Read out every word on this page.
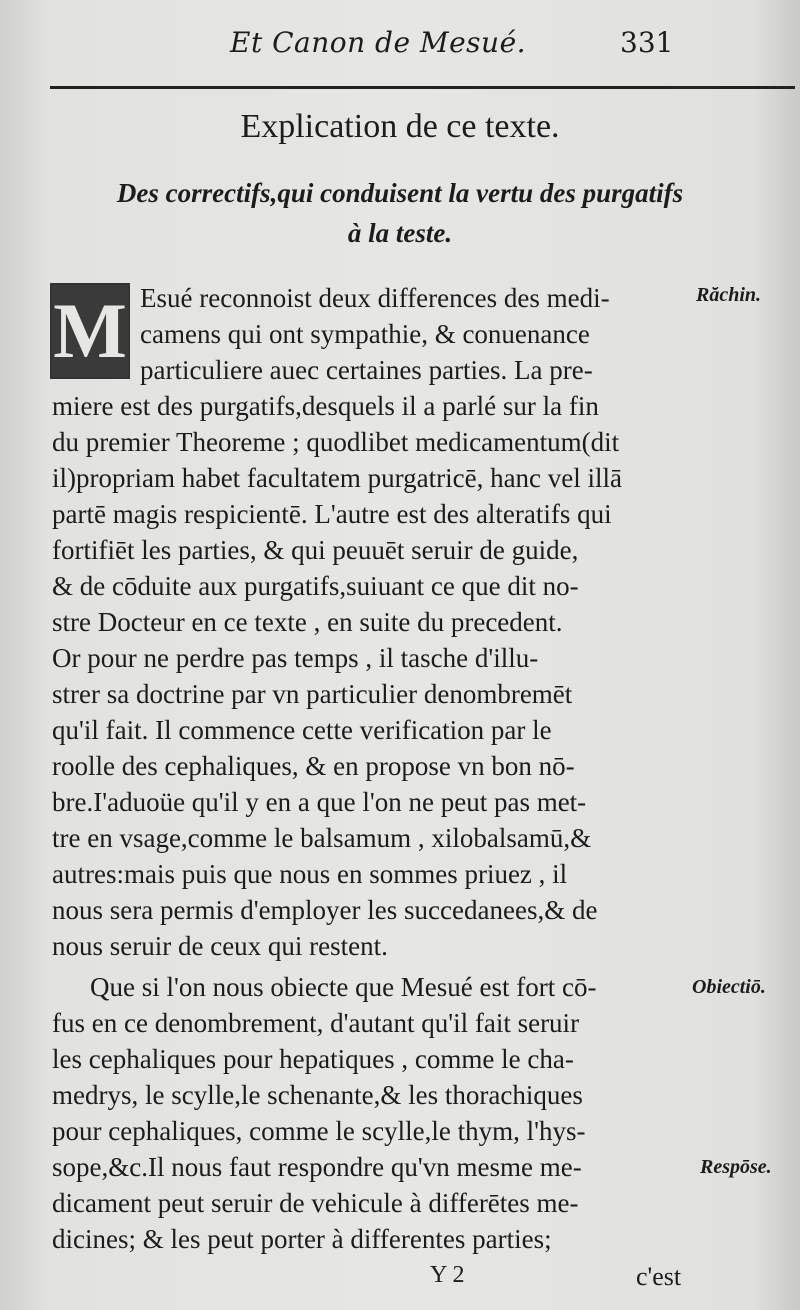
Et Canon de Mesué.	331
Explication de ce texte.
Des correctifs,qui conduisent la vertu des purgatifs
à la teste.
M Esué reconnoist deux differences des medi-
camens qui ont sympathie, & conuenance
particuliere auec certaines parties. La pre-
miere est des purgatifs,desquels il a parlé sur la fin
du premier Theoreme ; quodlibet medicamentum(dit
il)propriam habet facultatem purgatricē, hanc vel illā
partē magis respicientē. L'autre est des alteratifs qui
fortifiēt les parties, & qui peuuēt seruir de guide,
& de cōduite aux purgatifs,suiuant ce que dit no-
stre Docteur en ce texte , en suite du precedent.
Or pour ne perdre pas temps , il tasche d'illu-
strer sa doctrine par vn particulier denombremēt
qu'il fait. Il commence cette verification par le
roolle des cephaliques, & en propose vn bon nō-
bre.I'aduoüe qu'il y en a que l'on ne peut pas met-
tre en vsage,comme le balsamum , xilobalsamū,&
autres:mais puis que nous en sommes priuez , il
nous sera permis d'employer les succedanees,& de
nous seruir de ceux qui restent.
Que si l'on nous obiecte que Mesué est fort cō-
fus en ce denombrement, d'autant qu'il fait seruir
les cephaliques pour hepatiques , comme le cha-
medrys, le scylle,le schenante,& les thorachiques
pour cephaliques, comme le scylle,le thym, l'hys-
sope,&c.Il nous faut respondre qu'vn mesme me-
dicament peut seruir de vehicule à differētes me-
dicines; & les peut porter à differentes parties;
Răchin.
Obiectiō.
Respōse.
Y 2	c'est
